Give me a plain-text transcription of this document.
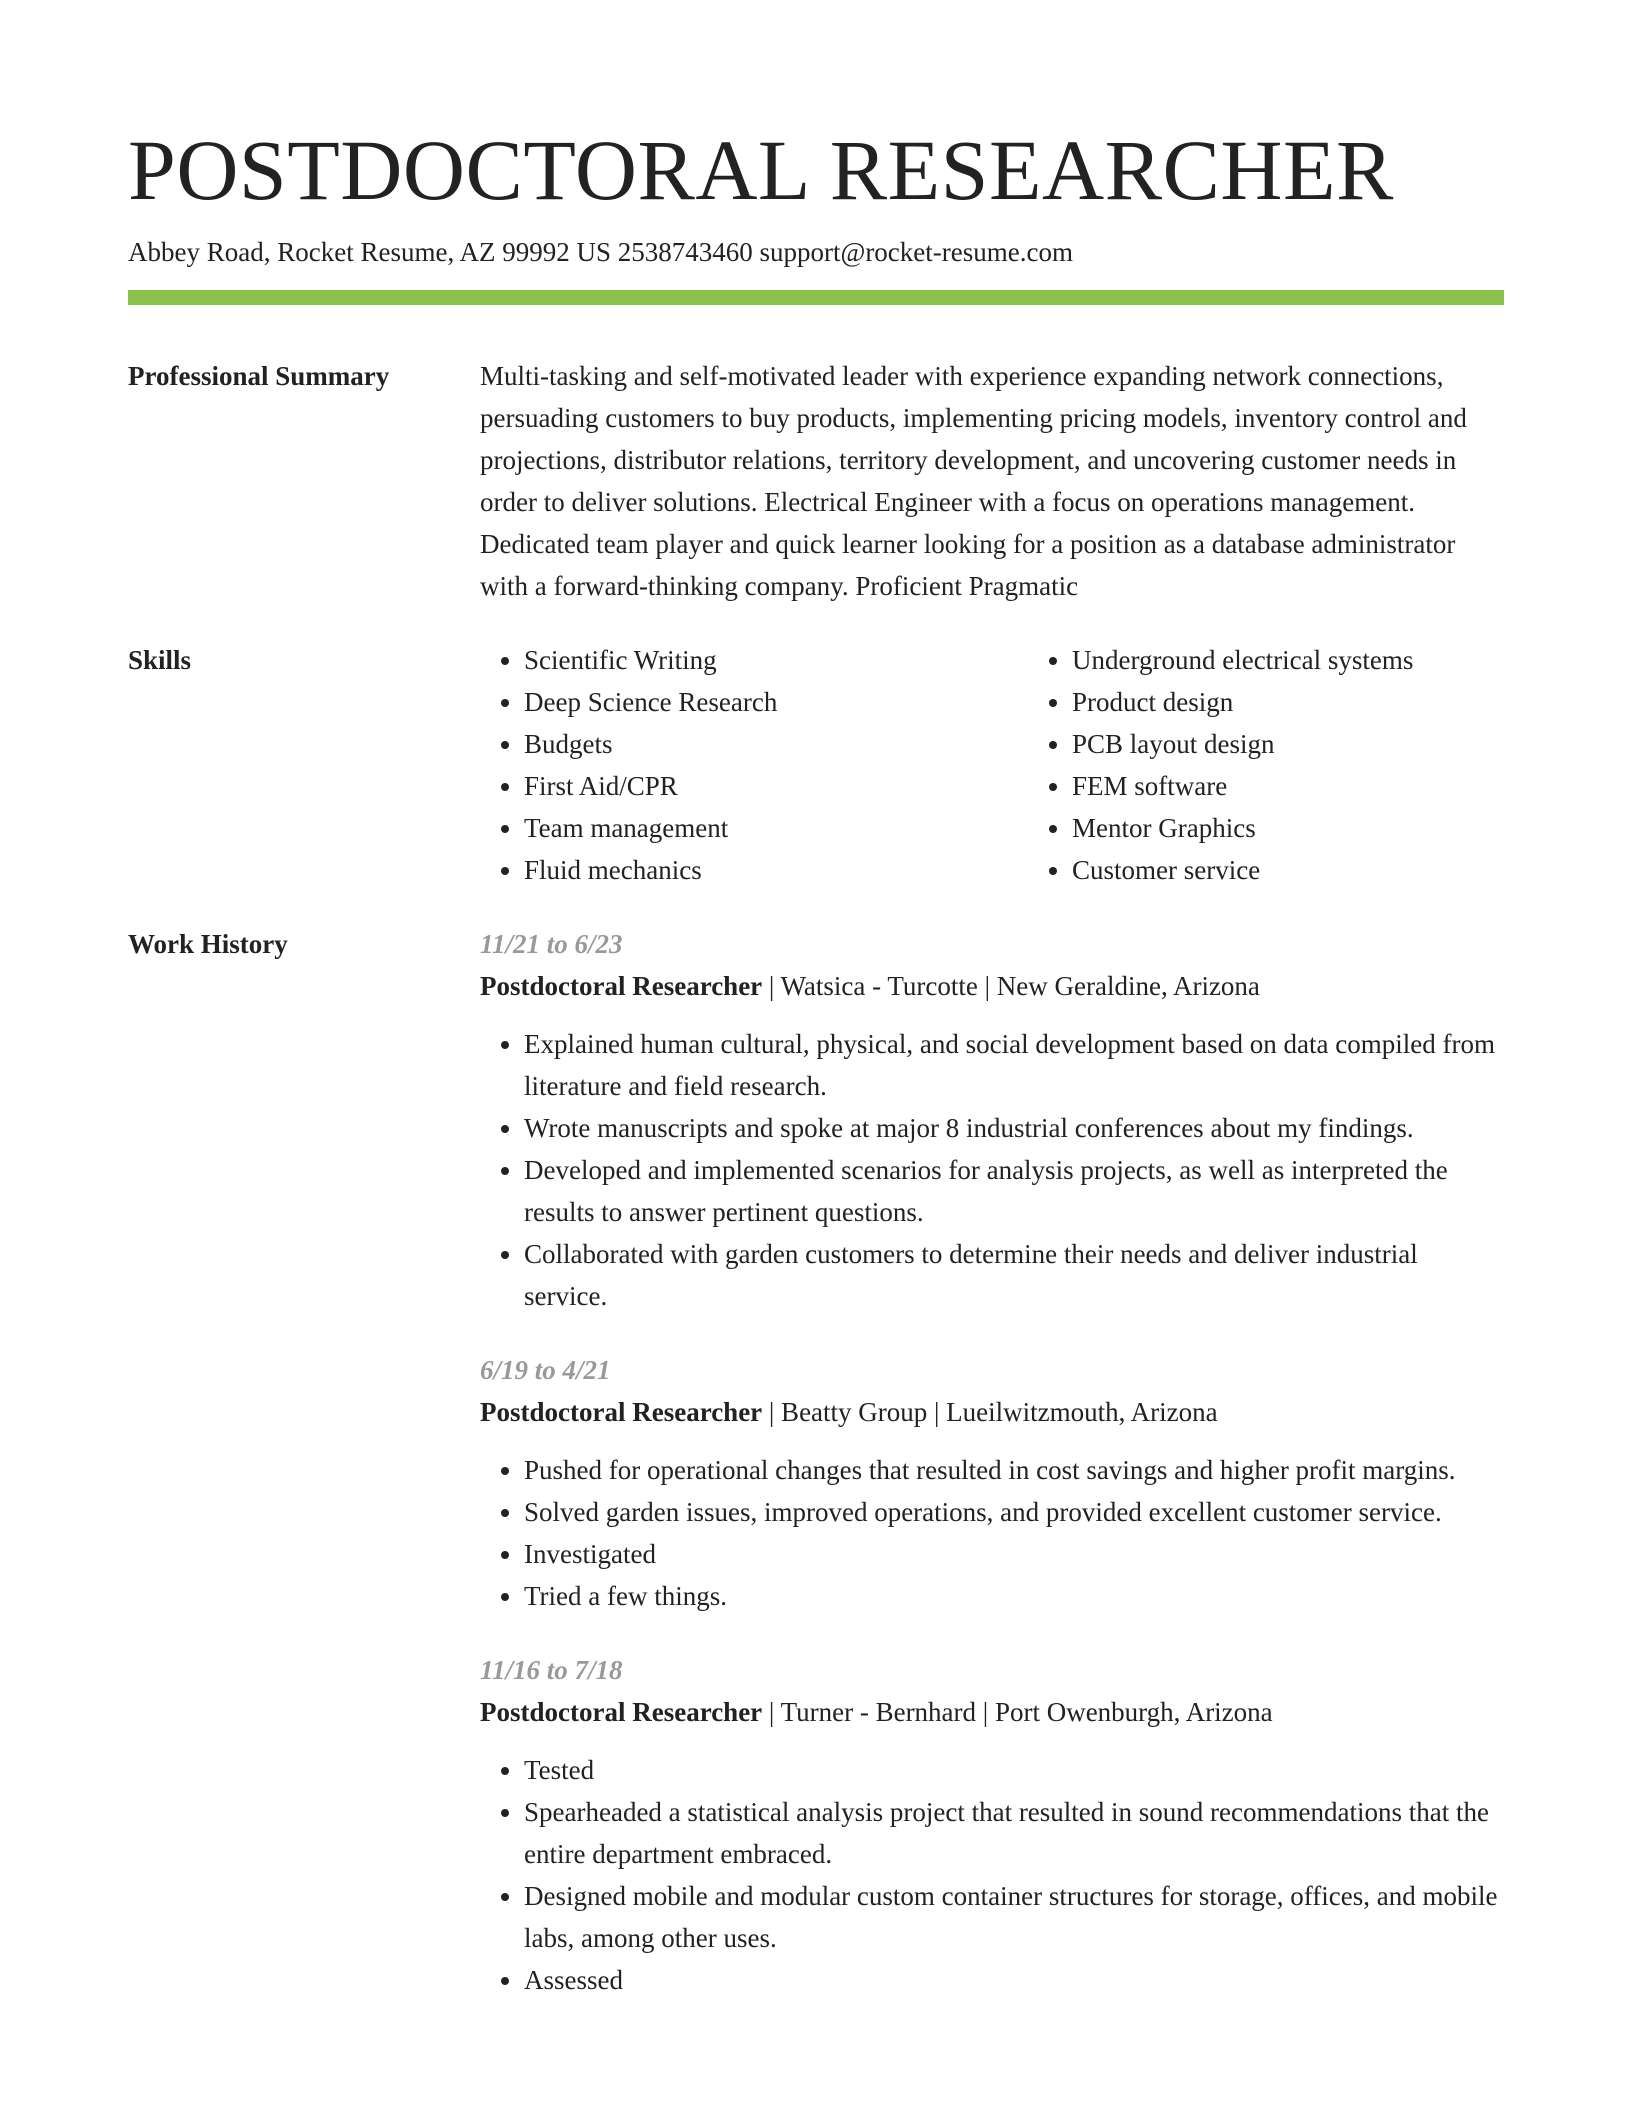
POSTDOCTORAL RESEARCHER
Abbey Road, Rocket Resume, AZ 99992 US 2538743460 support@rocket-resume.com
Professional Summary	Multi-tasking and self-motivated leader with experience expanding network connections, persuading customers to buy products, implementing pricing models, inventory control and projections, distributor relations, territory development, and uncovering customer needs in order to deliver solutions. Electrical Engineer with a focus on operations management. Dedicated team player and quick learner looking for a position as a database administrator with a forward-thinking company. Proficient Pragmatic

Skills
•	Scientific Writing
• Deep Science Research
• Budgets
• First Aid/CPR
• Team management
• Fluid mechanics
• Underground electrical systems
• Product design
• PCB layout design
• FEM software
• Mentor Graphics
• Customer service
Work History	11/21 to 6/23

Postdoctoral Researcher | Watsica - Turcotte | New Geraldine, Arizona

• Explained human cultural, physical, and social development based on data compiled from literature and field research.
• Wrote manuscripts and spoke at major 8 industrial conferences about my findings.
• Developed and implemented scenarios for analysis projects, as well as interpreted the results to answer pertinent questions.
• Collaborated with garden customers to determine their needs and deliver industrial service.
6/19 to 4/21

Postdoctoral Researcher | Beatty Group | Lueilwitzmouth, Arizona

• Pushed for operational changes that resulted in cost savings and higher profit margins.
• Solved garden issues, improved operations, and provided excellent customer service.
• Investigated
• Tried a few things.
11/16 to 7/18

Postdoctoral Researcher | Turner - Bernhard | Port Owenburgh, Arizona

• Tested
• Spearheaded a statistical analysis project that resulted in sound recommendations that the entire department embraced.
• Designed mobile and modular custom container structures for storage, offices, and mobile labs, among other uses.
• Assessed
